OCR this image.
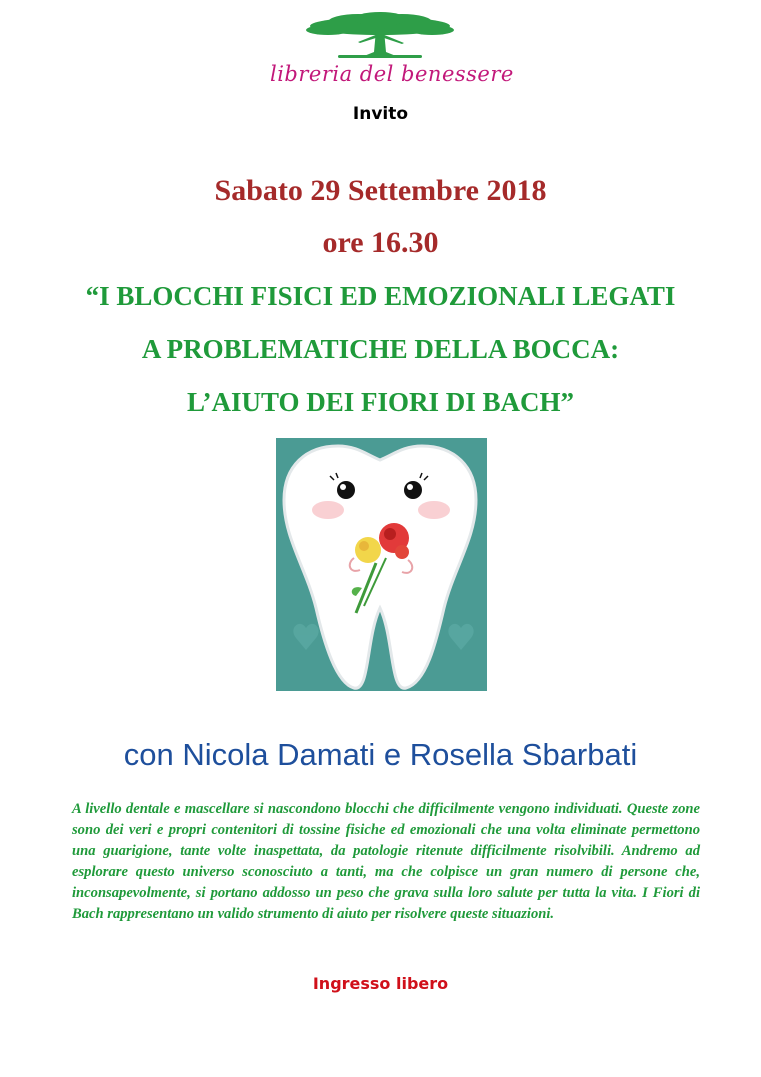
libreria del benessere
Invito
Sabato 29 Settembre 2018
ore 16.30
“I BLOCCHI FISICI ED EMOZIONALI LEGATI
A PROBLEMATICHE DELLA BOCCA:
L’AIUTO DEI FIORI DI BACH”
con Nicola Damati e Rosella Sbarbati
A livello dentale e mascellare si nascondono blocchi che difficilmente vengono individuati. Queste zone sono dei veri e propri contenitori di tossine fisiche ed emozionali che una volta eliminate permettono una guarigione, tante volte inaspettata, da patologie ritenute difficilmente risolvibili. Andremo ad esplorare questo universo sconosciuto a tanti, ma che colpisce un gran numero di persone che, inconsapevolmente, si portano addosso un peso che grava sulla loro salute per tutta la vita. I Fiori di Bach rappresentano un valido strumento di aiuto per risolvere queste situazioni.
Ingresso libero
